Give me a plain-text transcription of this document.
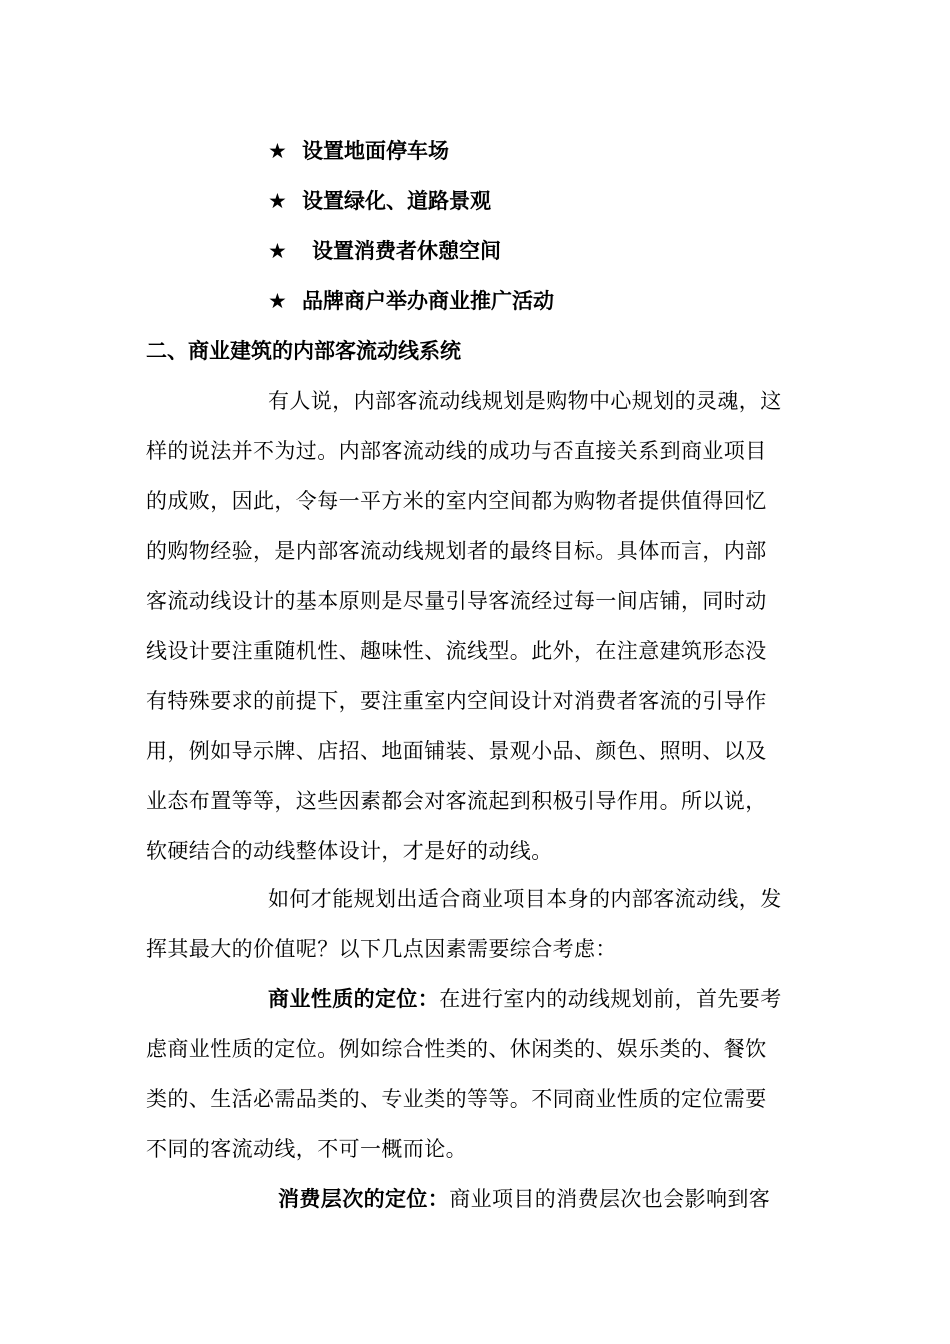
★ 设置地面停车场
★ 设置绿化、道路景观
★ 设置消费者休憩空间
★ 品牌商户举办商业推广活动
二、商业建筑的内部客流动线系统
有人说，内部客流动线规划是购物中心规划的灵魂，这
样的说法并不为过。内部客流动线的成功与否直接关系到商业项目
的成败，因此，令每一平方米的室内空间都为购物者提供值得回忆
的购物经验，是内部客流动线规划者的最终目标。具体而言，内部
客流动线设计的基本原则是尽量引导客流经过每一间店铺，同时动
线设计要注重随机性、趣味性、流线型。此外，在注意建筑形态没
有特殊要求的前提下，要注重室内空间设计对消费者客流的引导作
用，例如导示牌、店招、地面铺装、景观小品、颜色、照明、以及
业态布置等等，这些因素都会对客流起到积极引导作用。所以说，
软硬结合的动线整体设计，才是好的动线。
如何才能规划出适合商业项目本身的内部客流动线，发
挥其最大的价值呢？以下几点因素需要综合考虑：
商业性质的定位：在进行室内的动线规划前，首先要考
虑商业性质的定位。例如综合性类的、休闲类的、娱乐类的、餐饮
类的、生活必需品类的、专业类的等等。不同商业性质的定位需要
不同的客流动线，不可一概而论。
消费层次的定位：商业项目的消费层次也会影响到客
